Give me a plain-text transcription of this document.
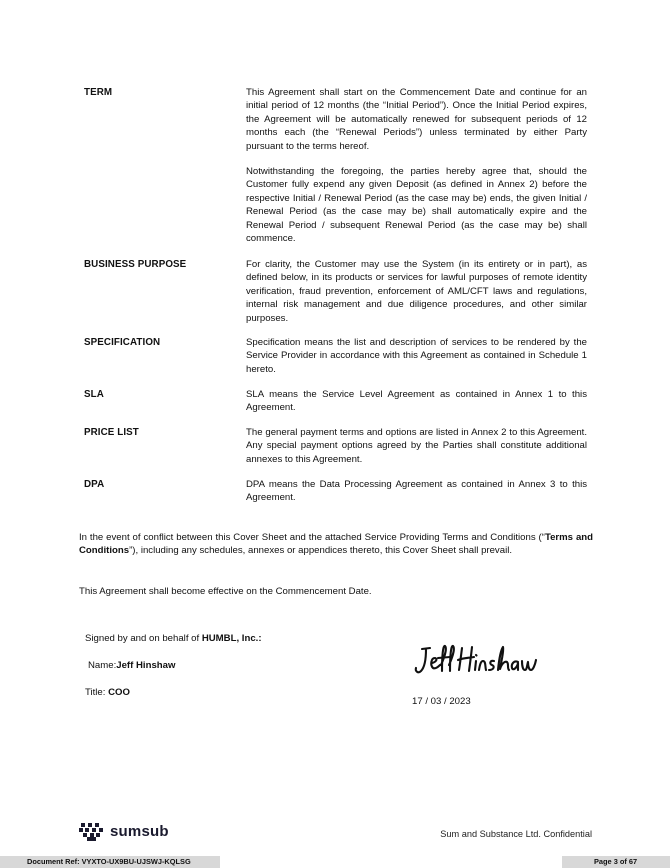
TERM	This Agreement shall start on the Commencement Date and continue for an initial period of 12 months (the “Initial Period”). Once the Initial Period expires, the Agreement will be automatically renewed for subsequent periods of 12 months each (the “Renewal Periods”) unless terminated by either Party pursuant to the terms hereof.

Notwithstanding the foregoing, the parties hereby agree that, should the Customer fully expend any given Deposit (as defined in Annex 2) before the respective Initial / Renewal Period (as the case may be) ends, the given Initial / Renewal Period (as the case may be) shall automatically expire and the Renewal Period / subsequent Renewal Period (as the case may be) shall commence.

BUSINESS PURPOSE	For clarity, the Customer may use the System (in its entirety or in part), as defined below, in its products or services for lawful purposes of remote identity verification, fraud prevention, enforcement of AML/CFT laws and regulations, internal risk management and due diligence procedures, and other similar purposes.

SPECIFICATION	Specification means the list and description of services to be rendered by the Service Provider in accordance with this Agreement as contained in Schedule 1 hereto.

SLA	SLA means the Service Level Agreement as contained in Annex 1 to this Agreement.

PRICE LIST	The general payment terms and options are listed in Annex 2 to this Agreement. Any special payment options agreed by the Parties shall constitute additional annexes to this Agreement.

DPA	DPA means the Data Processing Agreement as contained in Annex 3 to this Agreement.

In the event of conflict between this Cover Sheet and the attached Service Providing Terms and Conditions (“Terms and Conditions”), including any schedules, annexes or appendices thereto, this Cover Sheet shall prevail.

This Agreement shall become effective on the Commencement Date.

Signed by and on behalf of HUMBL, Inc.:
Name:Jeff Hinshaw
Title: COO
17 / 03 / 2023
sumsub	Sum and Substance Ltd. Confidential
Document Ref: VYXTO-UX9BU-UJSWJ-KQLSG	Page 3 of 67
